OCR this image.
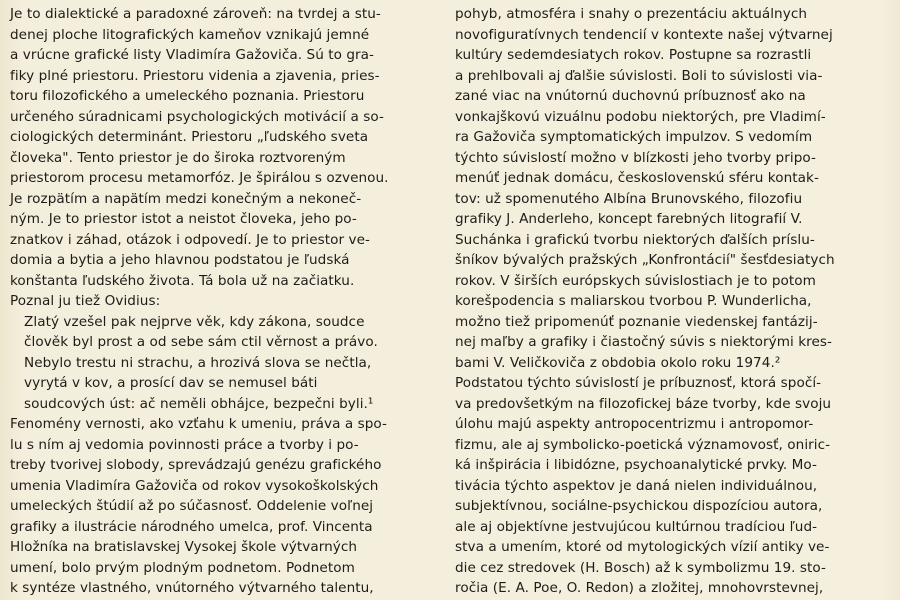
Je to dialektické a paradoxné zároveň: na tvrdej a stu-
denej ploche litografických kameňov vznikajú jemné
a vrúcne grafické listy Vladimíra Gažoviča. Sú to gra-
fiky plné priestoru. Priestoru videnia a zjavenia, pries-
toru filozofického a umeleckého poznania. Priestoru
určeného súradnicami psychologických motivácií a so-
ciologických determinánt. Priestoru „ľudského sveta
človeka". Tento priestor je do široka roztvoreným
priestorom procesu metamorfóz. Je špirálou s ozvenou.
Je rozpätím a napätím medzi konečným a nekoneč-
ným. Je to priestor istot a neistot človeka, jeho po-
znatkov i záhad, otázok i odpovedí. Je to priestor ve-
domia a bytia a jeho hlavnou podstatou je ľudská
konštanta ľudského života. Tá bola už na začiatku.
Poznal ju tiež Ovidius:
Zlatý vzešel pak nejprve věk, kdy zákona, soudce
člověk byl prost a od sebe sám ctil věrnost a právo.
Nebylo trestu ni strachu, a hrozivá slova se nečtla,
vyrytá v kov, a prosící dav se nemusel báti
soudcových úst: ač neměli obhájce, bezpečni byli.¹
Fenomény vernosti, ako vzťahu k umeniu, práva a spo-
lu s ním aj vedomia povinnosti práce a tvorby i po-
treby tvorivej slobody, sprevádzajú genézu grafického
umenia Vladimíra Gažoviča od rokov vysokoškolských
umeleckých štúdií až po súčasnosť. Oddelenie voľnej
grafiky a ilustrácie národného umelca, prof. Vincenta
Hložníka na bratislavskej Vysokej škole výtvarných
umení, bolo prvým plodným podnetom. Podnetom
k syntéze vlastného, vnútorného výtvarného talentu,
pohyb, atmosféra i snahy o prezentáciu aktuálnych
novofiguratívnych tendencií v kontexte našej výtvarnej
kultúry sedemdesiatych rokov. Postupne sa rozrastli
a prehlbovali aj ďalšie súvislosti. Boli to súvislosti via-
zané viac na vnútornú duchovnú príbuznosť ako na
vonkajškovú vizuálnu podobu niektorých, pre Vladimí-
ra Gažoviča symptomatických impulzov. S vedomím
týchto súvislostí možno v blízkosti jeho tvorby pripo-
menúť jednak domácu, československú sféru kontak-
tov: už spomenutého Albína Brunovského, filozofiu
grafiky J. Anderleho, koncept farebných litografií V.
Suchánka i grafickú tvorbu niektorých ďalších príslu-
šníkov bývalých pražských „Konfrontácií" šesťdesiatych
rokov. V širších európskych súvislostiach je to potom
korešpodencia s maliarskou tvorbou P. Wunderlicha,
možno tiež pripomenúť poznanie viedenskej fantázij-
nej maľby a grafiky i čiastočný súvis s niektorými kres-
bami V. Veličkoviča z obdobia okolo roku 1974.²
Podstatou týchto súvislostí je príbuznosť, ktorá spočí-
va predovšetkým na filozofickej báze tvorby, kde svoju
úlohu majú aspekty antropocentrizmu i antropomor-
fizmu, ale aj symbolicko-poetická významovosť, oniric-
ká inšpirácia i libidózne, psychoanalytické prvky. Mo-
tivácia týchto aspektov je daná nielen individuálnou,
subjektívnou, sociálne-psychickou dispozíciou autora,
ale aj objektívne jestvujúcou kultúrnou tradíciou ľud-
stva a umením, ktoré od mytologických vízií antiky ve-
die cez stredovek (H. Bosch) až k symbolizmu 19. sto-
ročia (E. A. Poe, O. Redon) a zložitej, mnohovrstevnej,
